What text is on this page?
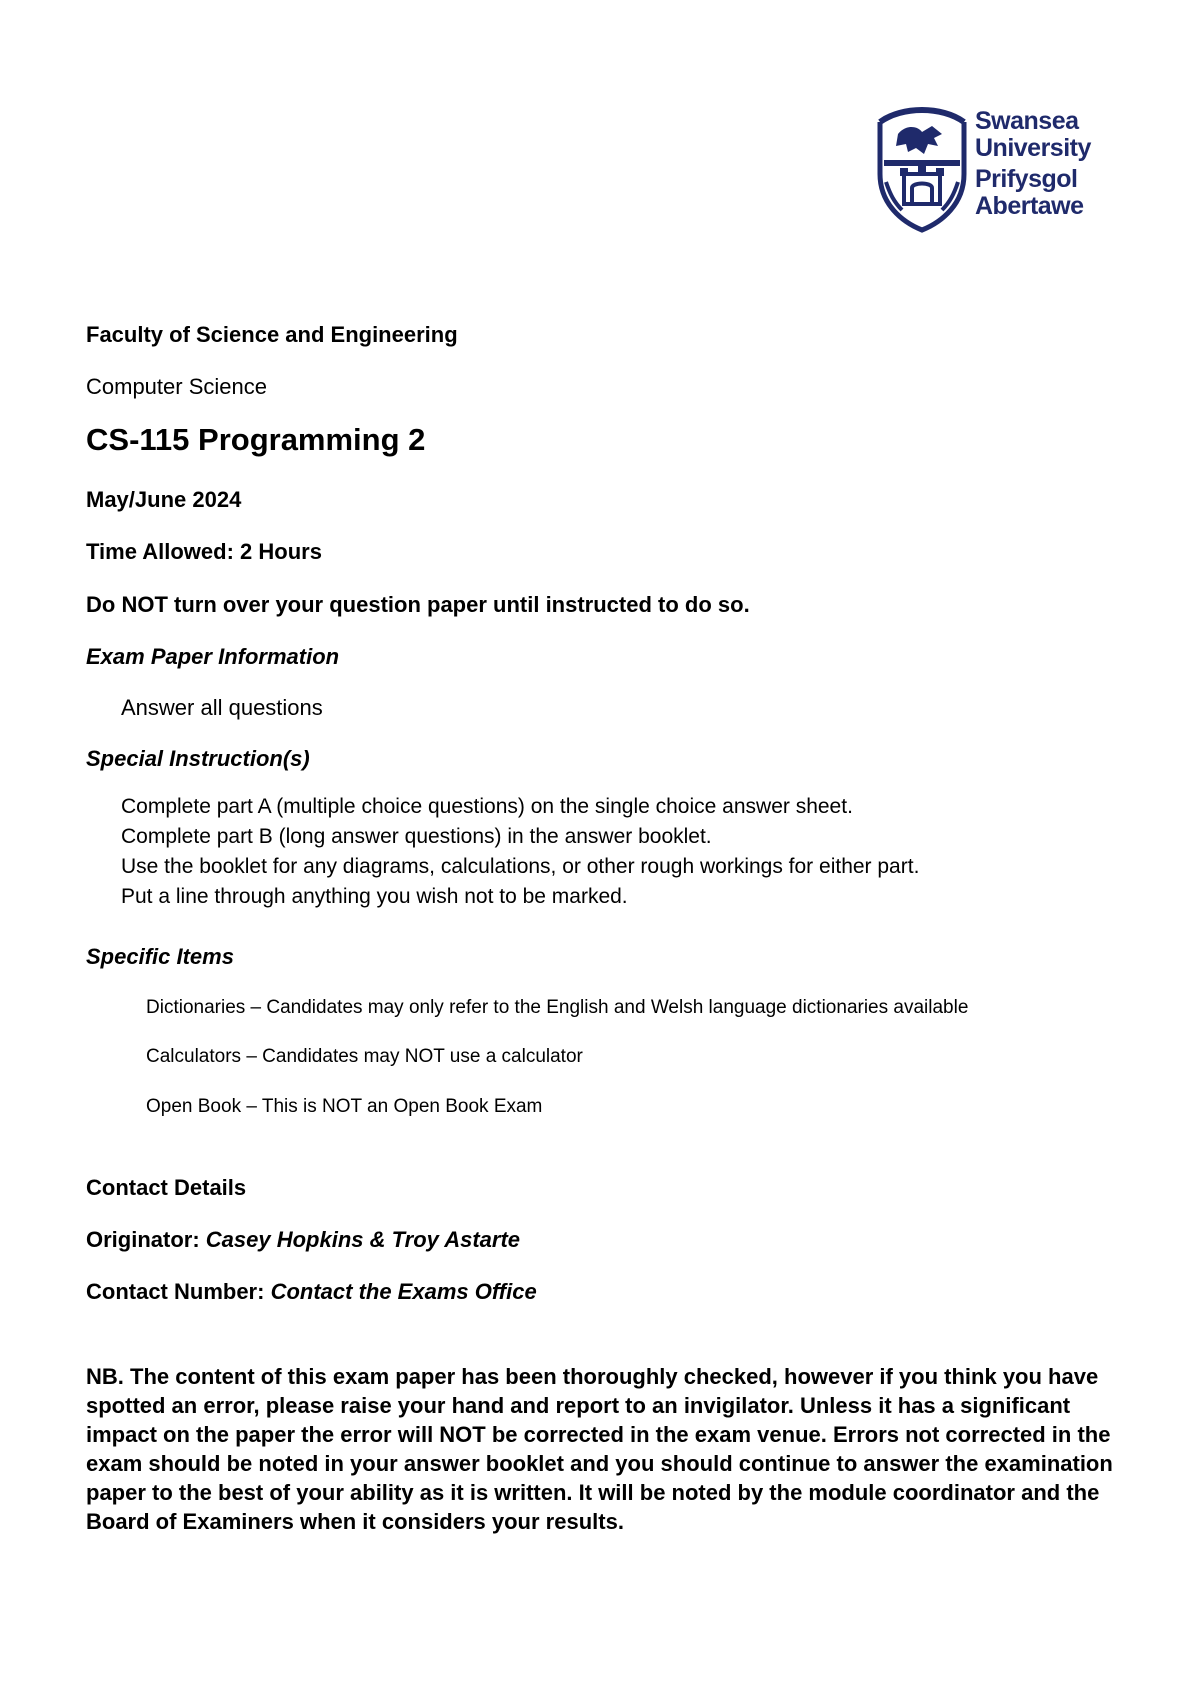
Swansea
University
Prifysgol
Abertawe
Faculty of Science and Engineering
Computer Science
CS-115 Programming 2
May/June 2024
Time Allowed: 2 Hours
Do NOT turn over your question paper until instructed to do so.
Exam Paper Information
Answer all questions
Special Instruction(s)
Complete part A (multiple choice questions) on the single choice answer sheet.
Complete part B (long answer questions) in the answer booklet.
Use the booklet for any diagrams, calculations, or other rough workings for either part.
Put a line through anything you wish not to be marked.
Specific Items
Dictionaries – Candidates may only refer to the English and Welsh language dictionaries available
Calculators – Candidates may NOT use a calculator
Open Book – This is NOT an Open Book Exam
Contact Details
Originator: Casey Hopkins & Troy Astarte
Contact Number: Contact the Exams Office
NB. The content of this exam paper has been thoroughly checked, however if you think you have spotted an error, please raise your hand and report to an invigilator. Unless it has a significant impact on the paper the error will NOT be corrected in the exam venue. Errors not corrected in the exam should be noted in your answer booklet and you should continue to answer the examination paper to the best of your ability as it is written. It will be noted by the module coordinator and the Board of Examiners when it considers your results.
